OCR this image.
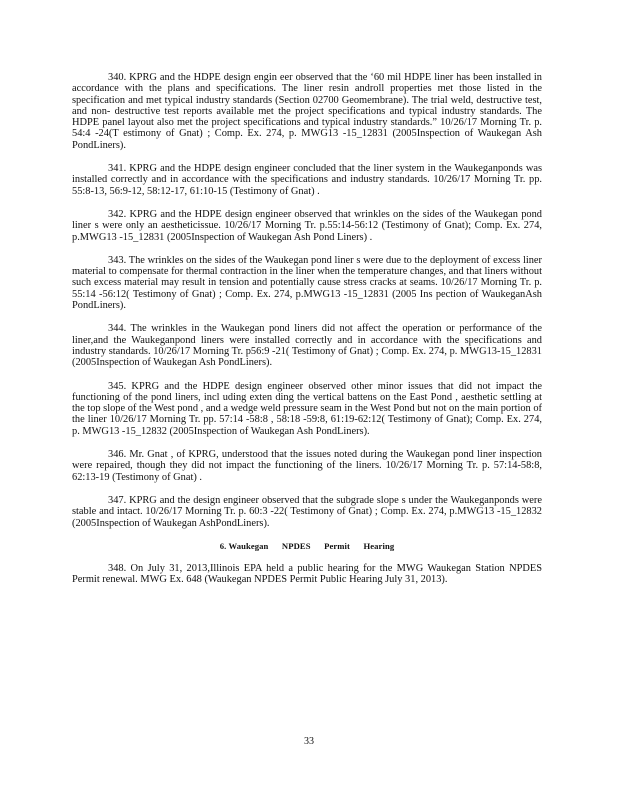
340. KPRG and the HDPE design engin eer observed that the ‘60 mil HDPE liner has been installed in accordance with the plans and specifications. The liner resin androll properties met those listed in the specification and met typical industry standards (Section 02700 Geomembrane). The trial weld, destructive test, and non- destructive test reports available met the project specifications and typical industry standards. The HDPE panel layout also met the project specifications and typical industry standards.” 10/26/17 Morning Tr. p. 54:4 -24(T estimony of Gnat) ; Comp. Ex. 274, p. MWG13 -15_12831 (2005Inspection of Waukegan Ash PondLiners).

341. KPRG and the HDPE design engineer concluded that the liner system in the Waukeganponds was installed correctly and in accordance with the specifications and industry standards. 10/26/17 Morning Tr. pp. 55:8-13, 56:9-12, 58:12-17, 61:10-15 (Testimony of Gnat) .

342. KPRG and the HDPE design engineer observed that wrinkles on the sides of the Waukegan pond liner s were only an aestheticissue. 10/26/17 Morning Tr. p.55:14-56:12 (Testimony of Gnat); Comp. Ex. 274, p.MWG13 -15_12831 (2005Inspection of Waukegan Ash Pond Liners) .

343. The wrinkles on the sides of the Waukegan pond liner s were due to the deployment of excess liner material to compensate for thermal contraction in the liner when the temperature changes, and that liners without such excess material may result in tension and potentially cause stress cracks at seams. 10/26/17 Morning Tr. p. 55:14 -56:12( Testimony of Gnat) ; Comp. Ex. 274, p.MWG13 -15_12831 (2005 Ins pection of WaukeganAsh PondLiners).

344. The wrinkles in the Waukegan pond liners did not affect the operation or performance of the liner,and the Waukeganpond liners were installed correctly and in accordance with the specifications and industry standards. 10/26/17 Morning Tr. p56:9 -21( Testimony of Gnat) ; Comp. Ex. 274, p. MWG13-15_12831 (2005Inspection of Waukegan Ash PondLiners).

345. KPRG and the HDPE design engineer observed other minor issues that did not impact the functioning of the pond liners, incl uding exten ding the vertical battens on the East Pond , aesthetic settling at the top slope of the West pond , and a wedge weld pressure seam in the West Pond but not on the main portion of the liner 10/26/17 Morning Tr. pp. 57:14 -58:8 , 58:18 -59:8, 61:19-62:12( Testimony of Gnat); Comp. Ex. 274, p. MWG13 -15_12832 (2005Inspection of Waukegan Ash PondLiners).

346. Mr. Gnat , of KPRG, understood that the issues noted during the Waukegan pond liner inspection were repaired, though they did not impact the functioning of the liners. 10/26/17 Morning Tr. p. 57:14-58:8, 62:13-19 (Testimony of Gnat) .

347. KPRG and the design engineer observed that the subgrade slope s under the Waukeganponds were stable and intact. 10/26/17 Morning Tr. p. 60:3 -22( Testimony of Gnat) ; Comp. Ex. 274, p.MWG13 -15_12832 (2005Inspection of Waukegan AshPondLiners).

6. Waukegan      NPDES      Permit      Hearing

348. On July 31, 2013,Illinois EPA held a public hearing for the MWG Waukegan Station NPDES Permit renewal. MWG Ex. 648 (Waukegan NPDES Permit Public Hearing July 31, 2013).

33
